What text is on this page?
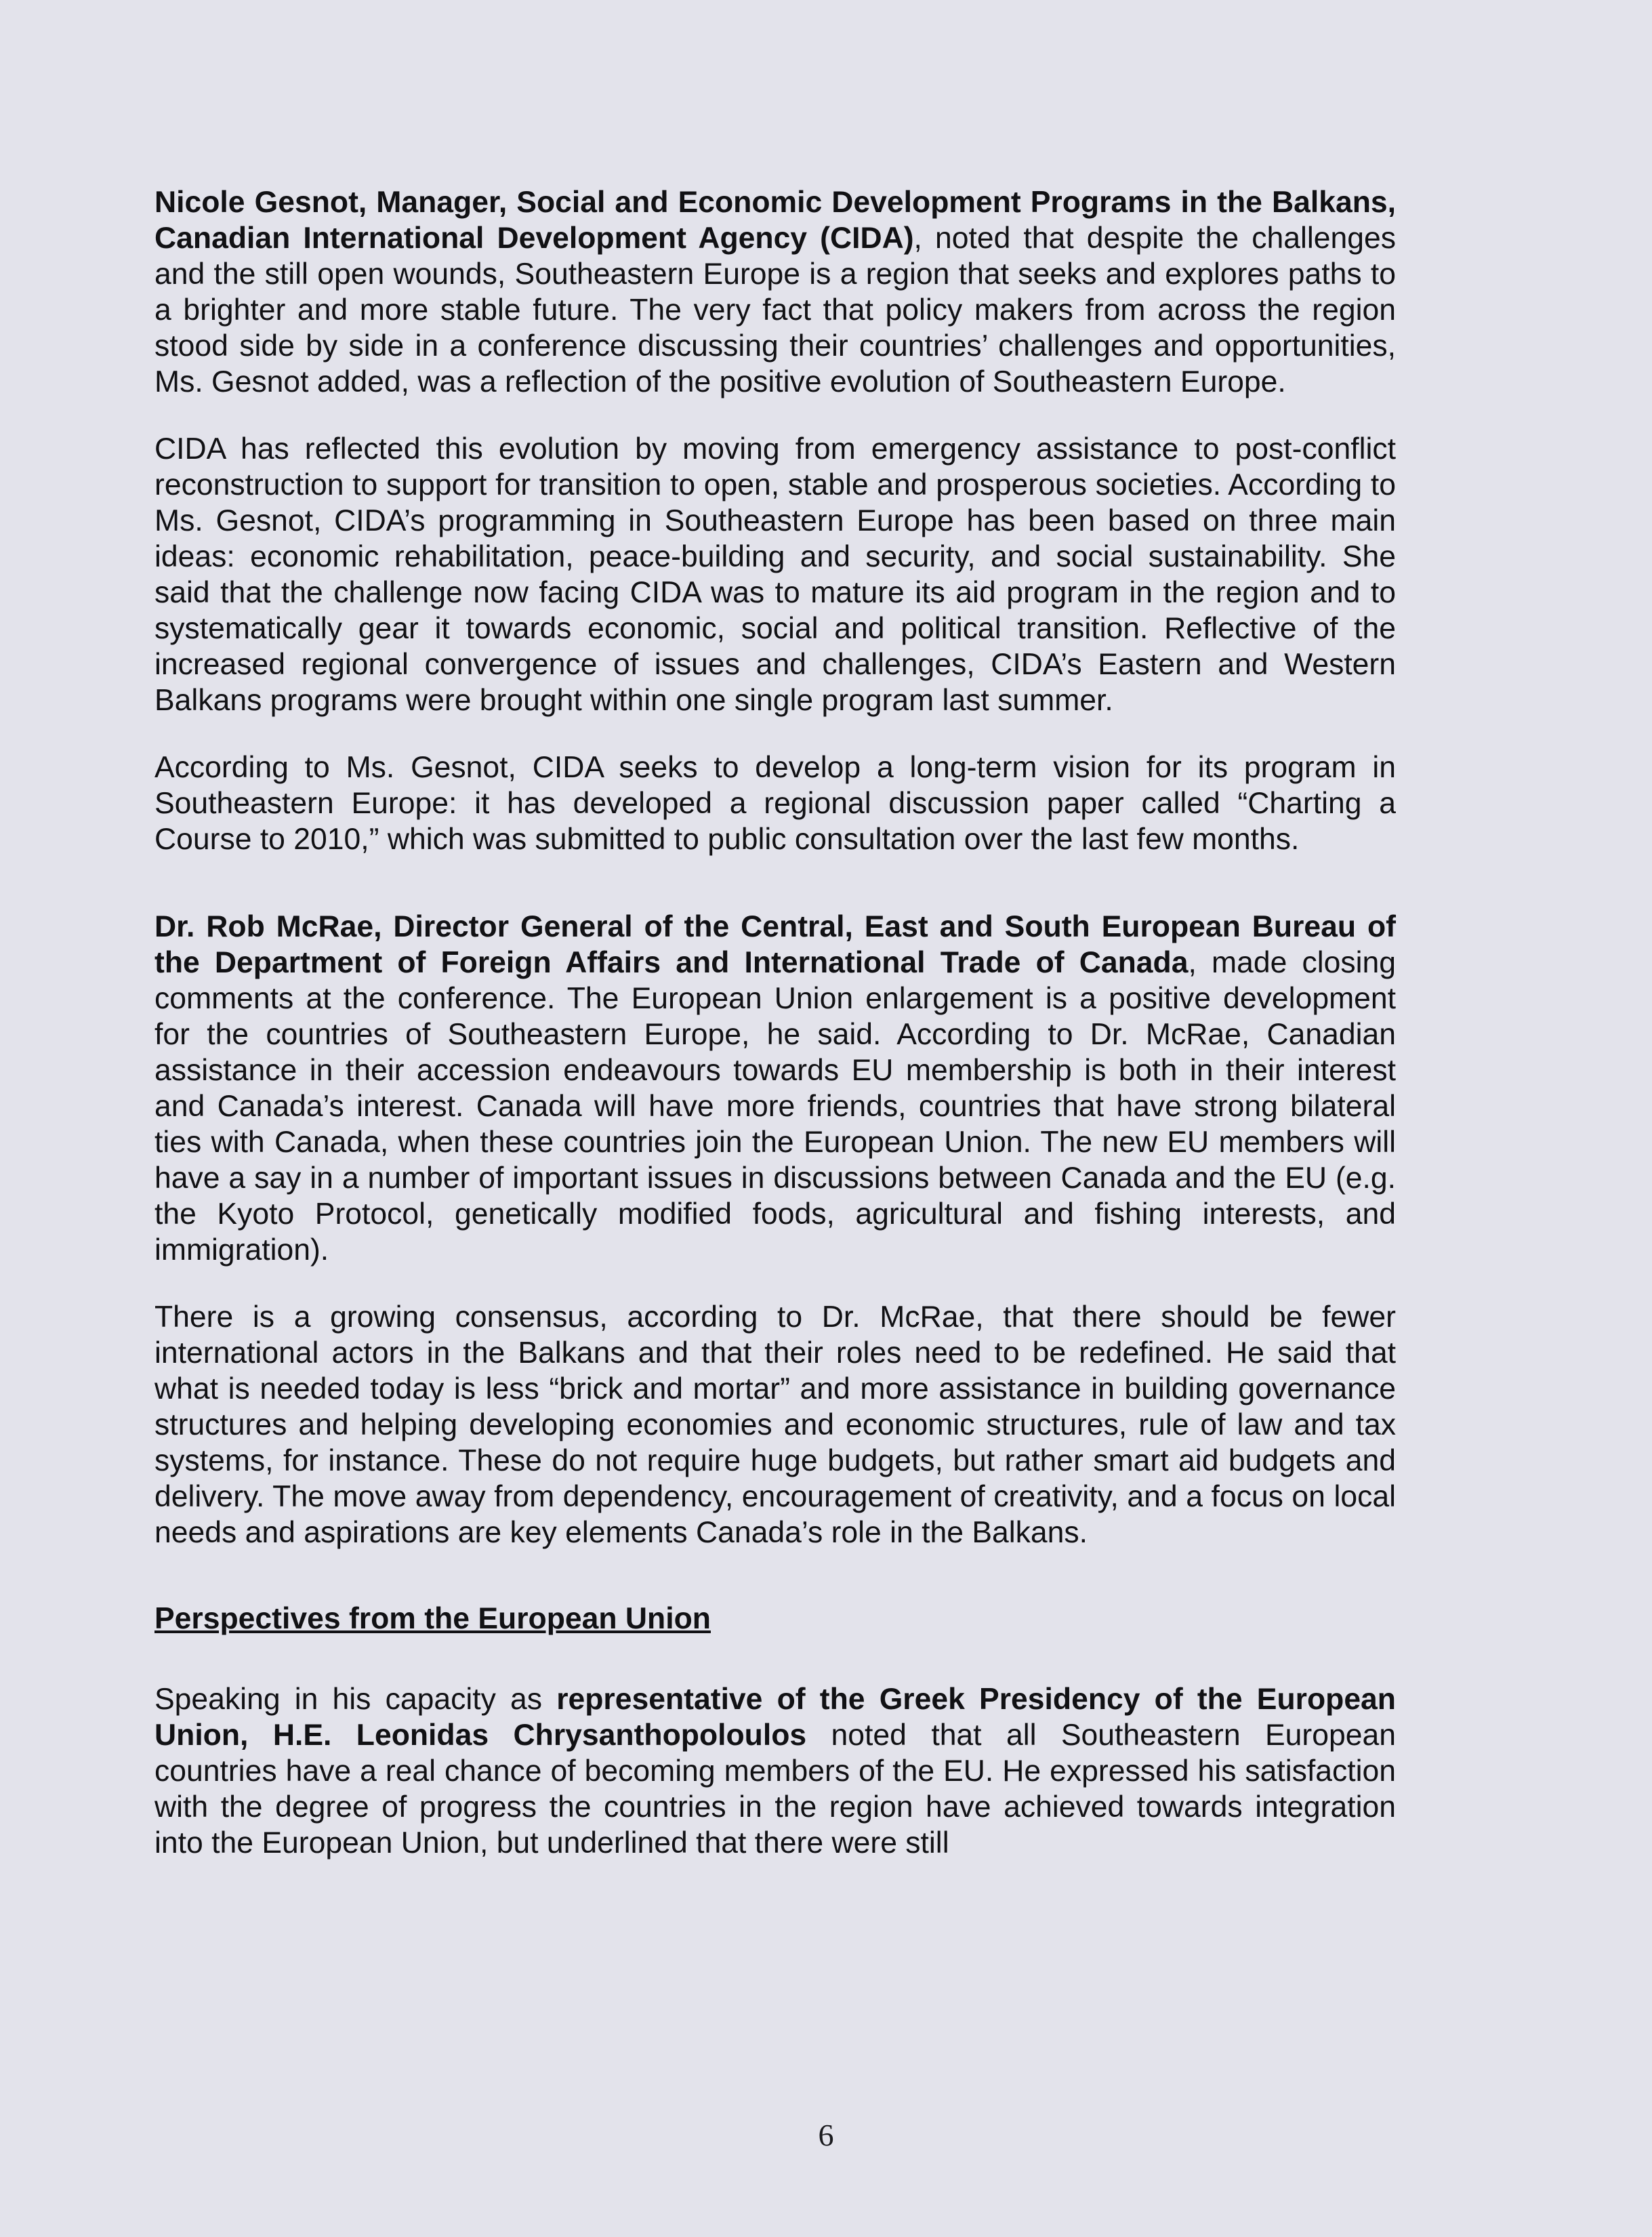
Nicole Gesnot, Manager, Social and Economic Development Programs in the Balkans, Canadian International Development Agency (CIDA), noted that despite the challenges and the still open wounds, Southeastern Europe is a region that seeks and explores paths to a brighter and more stable future. The very fact that policy makers from across the region stood side by side in a conference discussing their countries’ challenges and opportunities, Ms. Gesnot added, was a reflection of the positive evolution of Southeastern Europe.

CIDA has reflected this evolution by moving from emergency assistance to post-conflict reconstruction to support for transition to open, stable and prosperous societies. According to Ms. Gesnot, CIDA’s programming in Southeastern Europe has been based on three main ideas: economic rehabilitation, peace-building and security, and social sustainability. She said that the challenge now facing CIDA was to mature its aid program in the region and to systematically gear it towards economic, social and political transition. Reflective of the increased regional convergence of issues and challenges, CIDA’s Eastern and Western Balkans programs were brought within one single program last summer.

According to Ms. Gesnot, CIDA seeks to develop a long-term vision for its program in Southeastern Europe: it has developed a regional discussion paper called “Charting a Course to 2010,” which was submitted to public consultation over the last few months.

Dr. Rob McRae, Director General of the Central, East and South European Bureau of the Department of Foreign Affairs and International Trade of Canada, made closing comments at the conference. The European Union enlargement is a positive development for the countries of Southeastern Europe, he said. According to Dr. McRae, Canadian assistance in their accession endeavours towards EU membership is both in their interest and Canada’s interest. Canada will have more friends, countries that have strong bilateral ties with Canada, when these countries join the European Union. The new EU members will have a say in a number of important issues in discussions between Canada and the EU (e.g. the Kyoto Protocol, genetically modified foods, agricultural and fishing interests, and immigration).

There is a growing consensus, according to Dr. McRae, that there should be fewer international actors in the Balkans and that their roles need to be redefined. He said that what is needed today is less “brick and mortar” and more assistance in building governance structures and helping developing economies and economic structures, rule of law and tax systems, for instance. These do not require huge budgets, but rather smart aid budgets and delivery. The move away from dependency, encouragement of creativity, and a focus on local needs and aspirations are key elements Canada’s role in the Balkans.

Perspectives from the European Union

Speaking in his capacity as representative of the Greek Presidency of the European Union, H.E. Leonidas Chrysanthopoloulos noted that all Southeastern European countries have a real chance of becoming members of the EU. He expressed his satisfaction with the degree of progress the countries in the region have achieved towards integration into the European Union, but underlined that there were still

6
